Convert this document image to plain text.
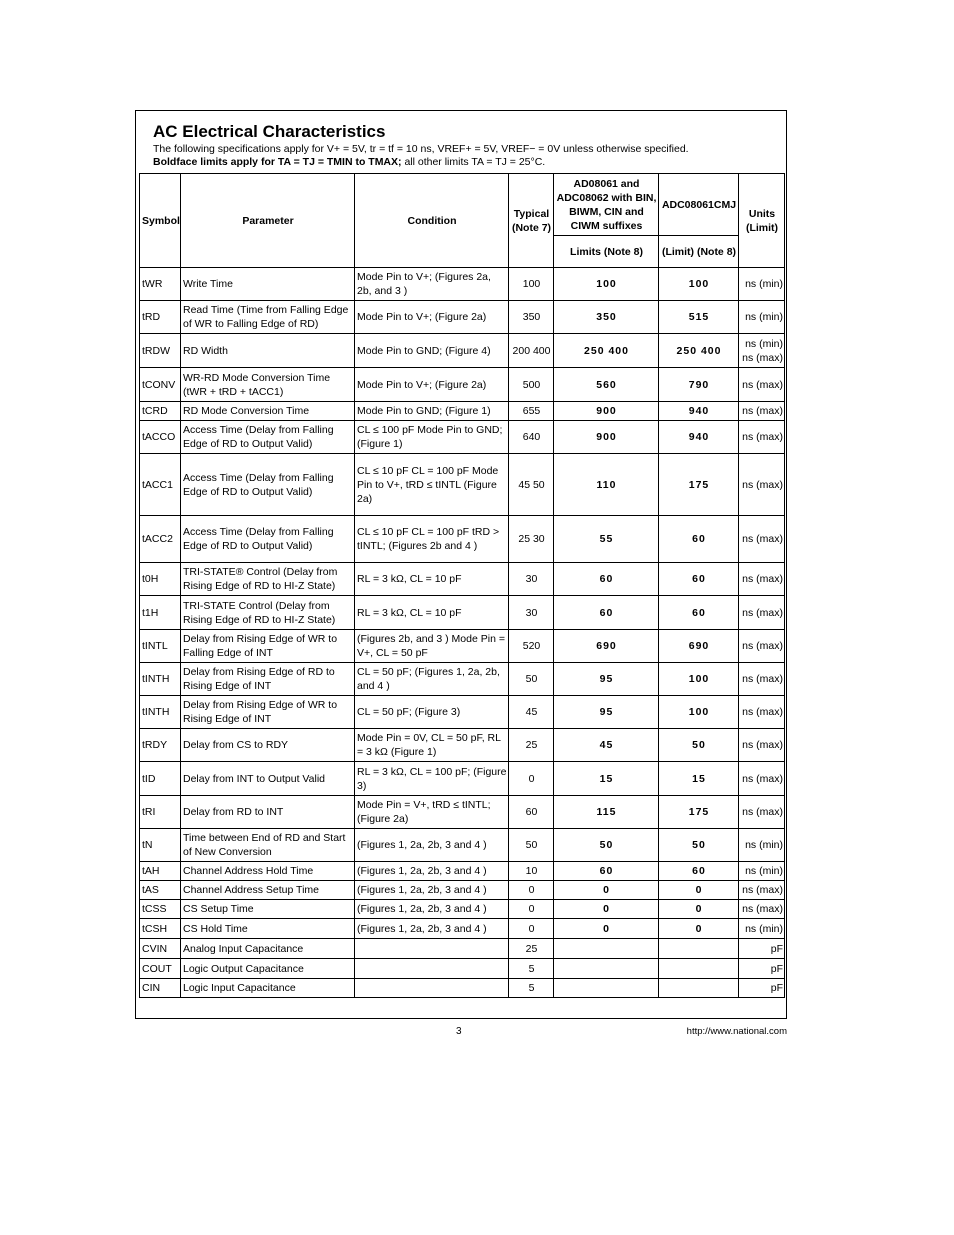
AC Electrical Characteristics
The following specifications apply for V+ = 5V, tr = tf = 10 ns, VREF+ = 5V, VREF− = 0V unless otherwise specified.
Boldface limits apply for TA = TJ = TMIN to TMAX; all other limits TA = TJ = 25°C.
Symbol	Parameter	Condition	Typical (Note 7)	AD08061 and ADC08062 with BIN, BIWM, CIN and CIWM suffixes	ADC08061CMJ	Units (Limit)
				Limits (Note 8)	(Limit) (Note 8)	
tWR	Write Time	Mode Pin to V+; (Figures 2a, 2b, and 3 )	100	100	100	ns (min)
tRD	Read Time (Time from Falling Edge of WR to Falling Edge of RD)	Mode Pin to V+; (Figure 2a)	350	350	515	ns (min)
tRDW	RD Width	Mode Pin to GND; (Figure 4)	200 400	250 400	250 400	ns (min) ns (max)
tCONV	WR-RD Mode Conversion Time (tWR + tRD + tACC1)	Mode Pin to V+; (Figure 2a)	500	560	790	ns (max)
tCRD	RD Mode Conversion Time	Mode Pin to GND; (Figure 1)	655	900	940	ns (max)
tACCO	Access Time (Delay from Falling Edge of RD to Output Valid)	CL ≤ 100 pF Mode Pin to GND; (Figure 1)	640	900	940	ns (max)
tACC1	Access Time (Delay from Falling Edge of RD to Output Valid)	CL ≤ 10 pF CL = 100 pF Mode Pin to V+, tRD ≤ tINTL (Figure 2a)	45 50	110	175	ns (max)
tACC2	Access Time (Delay from Falling Edge of RD to Output Valid)	CL ≤ 10 pF CL = 100 pF tRD > tINTL; (Figures 2b and 4 )	25 30	55	60	ns (max)
t0H	TRI-STATE® Control (Delay from Rising Edge of RD to HI-Z State)	RL = 3 kΩ, CL = 10 pF	30	60	60	ns (max)
t1H	TRI-STATE Control (Delay from Rising Edge of RD to HI-Z State)	RL = 3 kΩ, CL = 10 pF	30	60	60	ns (max)
tINTL	Delay from Rising Edge of WR to Falling Edge of INT	(Figures 2b, and 3 ) Mode Pin = V+, CL = 50 pF	520	690	690	ns (max)
tINTH	Delay from Rising Edge of RD to Rising Edge of INT	CL = 50 pF; (Figures 1, 2a, 2b, and 4 )	50	95	100	ns (max)
tINTH	Delay from Rising Edge of WR to Rising Edge of INT	CL = 50 pF; (Figure 3)	45	95	100	ns (max)
tRDY	Delay from CS to RDY	Mode Pin = 0V, CL = 50 pF, RL = 3 kΩ (Figure 1)	25	45	50	ns (max)
tID	Delay from INT to Output Valid	RL = 3 kΩ, CL = 100 pF; (Figure 3)	0	15	15	ns (max)
tRI	Delay from RD to INT	Mode Pin = V+, tRD ≤ tINTL; (Figure 2a)	60	115	175	ns (max)
tN	Time between End of RD and Start of New Conversion	(Figures 1, 2a, 2b, 3 and 4 )	50	50	50	ns (min)
tAH	Channel Address Hold Time	(Figures 1, 2a, 2b, 3 and 4 )	10	60	60	ns (min)
tAS	Channel Address Setup Time	(Figures 1, 2a, 2b, 3 and 4 )	0	0	0	ns (max)
tCSS	CS Setup Time	(Figures 1, 2a, 2b, 3 and 4 )	0	0	0	ns (max)
tCSH	CS Hold Time	(Figures 1, 2a, 2b, 3 and 4 )	0	0	0	ns (min)
CVIN	Analog Input Capacitance		25			pF
COUT	Logic Output Capacitance		5			pF
CIN	Logic Input Capacitance		5			pF
3	http://www.national.com
